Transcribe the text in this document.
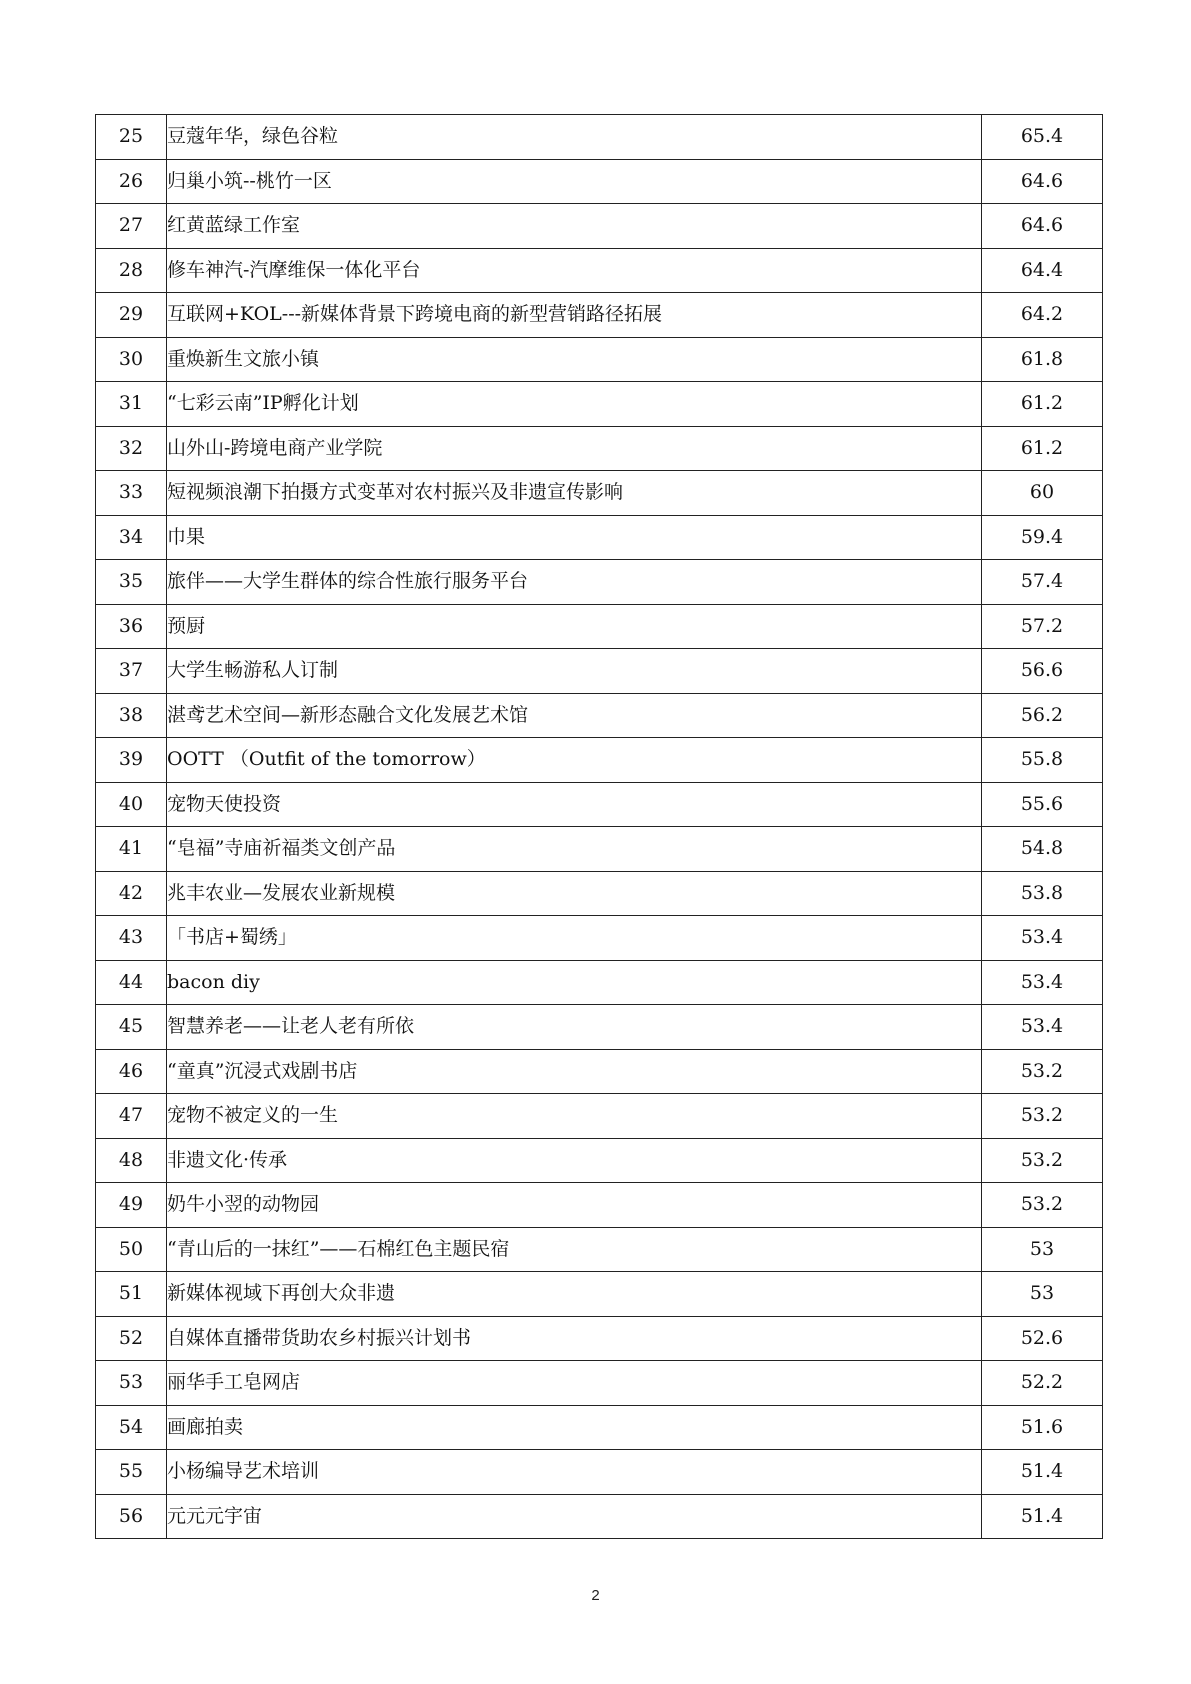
25	豆蔻年华，绿色谷粒	65.4
26	归巢小筑--桃竹一区	64.6
27	红黄蓝绿工作室	64.6
28	修车神汽-汽摩维保一体化平台	64.4
29	互联网+KOL---新媒体背景下跨境电商的新型营销路径拓展	64.2
30	重焕新生文旅小镇	61.8
31	“七彩云南”IP孵化计划	61.2
32	山外山-跨境电商产业学院	61.2
33	短视频浪潮下拍摄方式变革对农村振兴及非遗宣传影响	60
34	巾果	59.4
35	旅伴——大学生群体的综合性旅行服务平台	57.4
36	预厨	57.2
37	大学生畅游私人订制	56.6
38	湛鸢艺术空间—新形态融合文化发展艺术馆	56.2
39	OOTT （Outfit of the tomorrow）	55.8
40	宠物天使投资	55.6
41	“皂福”寺庙祈福类文创产品	54.8
42	兆丰农业—发展农业新规模	53.8
43	「书店+蜀绣」	53.4
44	bacon diy	53.4
45	智慧养老——让老人老有所依	53.4
46	“童真”沉浸式戏剧书店	53.2
47	宠物不被定义的一生	53.2
48	非遗文化·传承	53.2
49	奶牛小翌的动物园	53.2
50	“青山后的一抹红”——石棉红色主题民宿	53
51	新媒体视域下再创大众非遗	53
52	自媒体直播带货助农乡村振兴计划书	52.6
53	丽华手工皂网店	52.2
54	画廊拍卖	51.6
55	小杨编导艺术培训	51.4
56	元元元宇宙	51.4
2
